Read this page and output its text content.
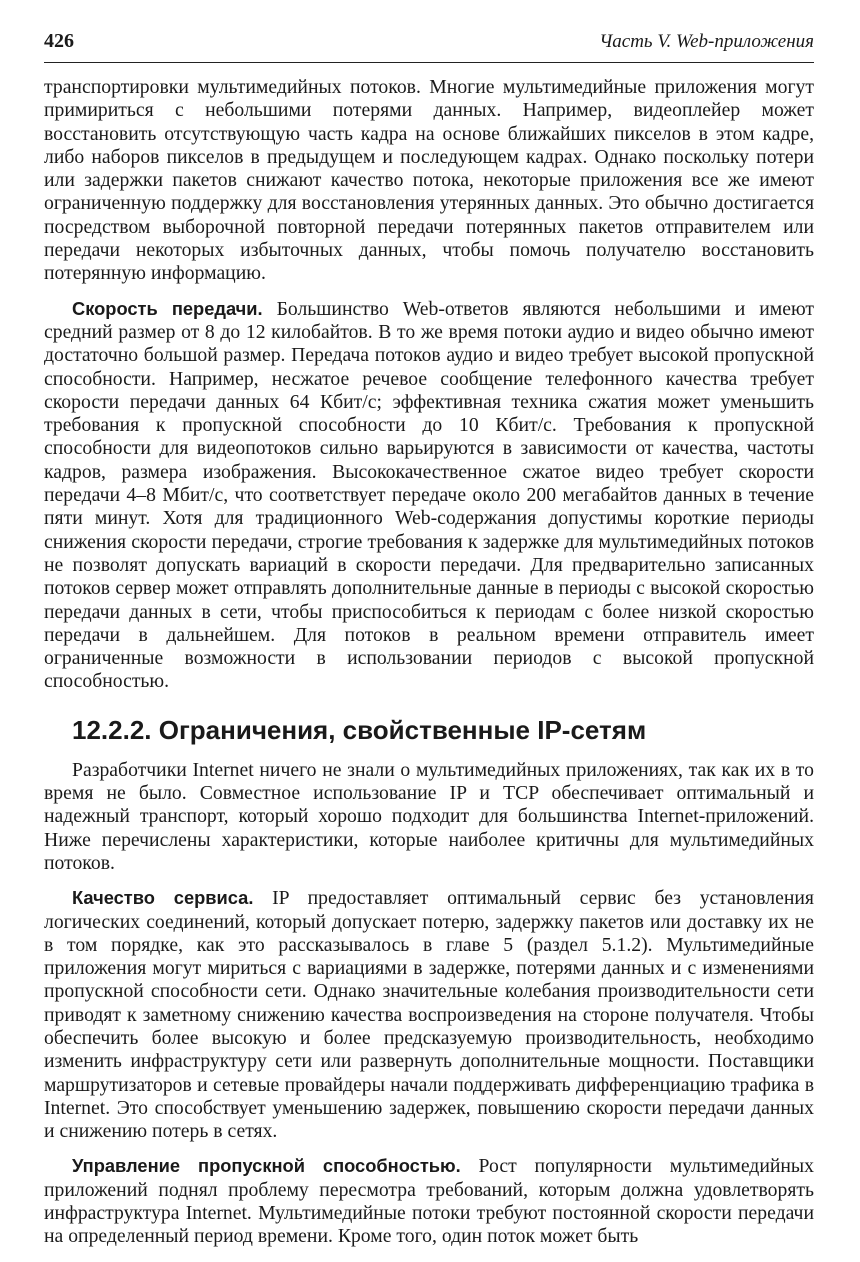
426	Часть V. Web-приложения

транспортировки мультимедийных потоков. Многие мультимедийные приложения могут примириться с небольшими потерями данных. Например, видеоплейер может восстановить отсутствующую часть кадра на основе ближайших пикселов в этом кадре, либо наборов пикселов в предыдущем и последующем кадрах. Однако поскольку потери или задержки пакетов снижают качество потока, некоторые приложения все же имеют ограниченную поддержку для восстановления утерянных данных. Это обычно достигается посредством выборочной повторной передачи потерянных пакетов отправителем или передачи некоторых избыточных данных, чтобы помочь получателю восстановить потерянную информацию.

Скорость передачи. Большинство Web-ответов являются небольшими и имеют средний размер от 8 до 12 килобайтов. В то же время потоки аудио и видео обычно имеют достаточно большой размер. Передача потоков аудио и видео требует высокой пропускной способности. Например, несжатое речевое сообщение телефонного качества требует скорости передачи данных 64 Кбит/с; эффективная техника сжатия может уменьшить требования к пропускной способности до 10 Кбит/с. Требования к пропускной способности для видеопотоков сильно варьируются в зависимости от качества, частоты кадров, размера изображения. Высококачественное сжатое видео требует скорости передачи 4–8 Мбит/с, что соответствует передаче около 200 мегабайтов данных в течение пяти минут. Хотя для традиционного Web-содержания допустимы короткие периоды снижения скорости передачи, строгие требования к задержке для мультимедийных потоков не позволят допускать вариаций в скорости передачи. Для предварительно записанных потоков сервер может отправлять дополнительные данные в периоды с высокой скоростью передачи данных в сети, чтобы приспособиться к периодам с более низкой скоростью передачи в дальнейшем. Для потоков в реальном времени отправитель имеет ограниченные возможности в использовании периодов с высокой пропускной способностью.

12.2.2. Ограничения, свойственные IP-сетям

Разработчики Internet ничего не знали о мультимедийных приложениях, так как их в то время не было. Совместное использование IP и TCP обеспечивает оптимальный и надежный транспорт, который хорошо подходит для большинства Internet-приложений. Ниже перечислены характеристики, которые наиболее критичны для мультимедийных потоков.

Качество сервиса. IP предоставляет оптимальный сервис без установления логических соединений, который допускает потерю, задержку пакетов или доставку их не в том порядке, как это рассказывалось в главе 5 (раздел 5.1.2). Мультимедийные приложения могут мириться с вариациями в задержке, потерями данных и с изменениями пропускной способности сети. Однако значительные колебания производительности сети приводят к заметному снижению качества воспроизведения на стороне получателя. Чтобы обеспечить более высокую и более предсказуемую производительность, необходимо изменить инфраструктуру сети или развернуть дополнительные мощности. Поставщики маршрутизаторов и сетевые провайдеры начали поддерживать дифференциацию трафика в Internet. Это способствует уменьшению задержек, повышению скорости передачи данных и снижению потерь в сетях.

Управление пропускной способностью. Рост популярности мультимедийных приложений поднял проблему пересмотра требований, которым должна удовлетворять инфраструктура Internet. Мультимедийные потоки требуют постоянной скорости передачи на определенный период времени. Кроме того, один поток может быть
